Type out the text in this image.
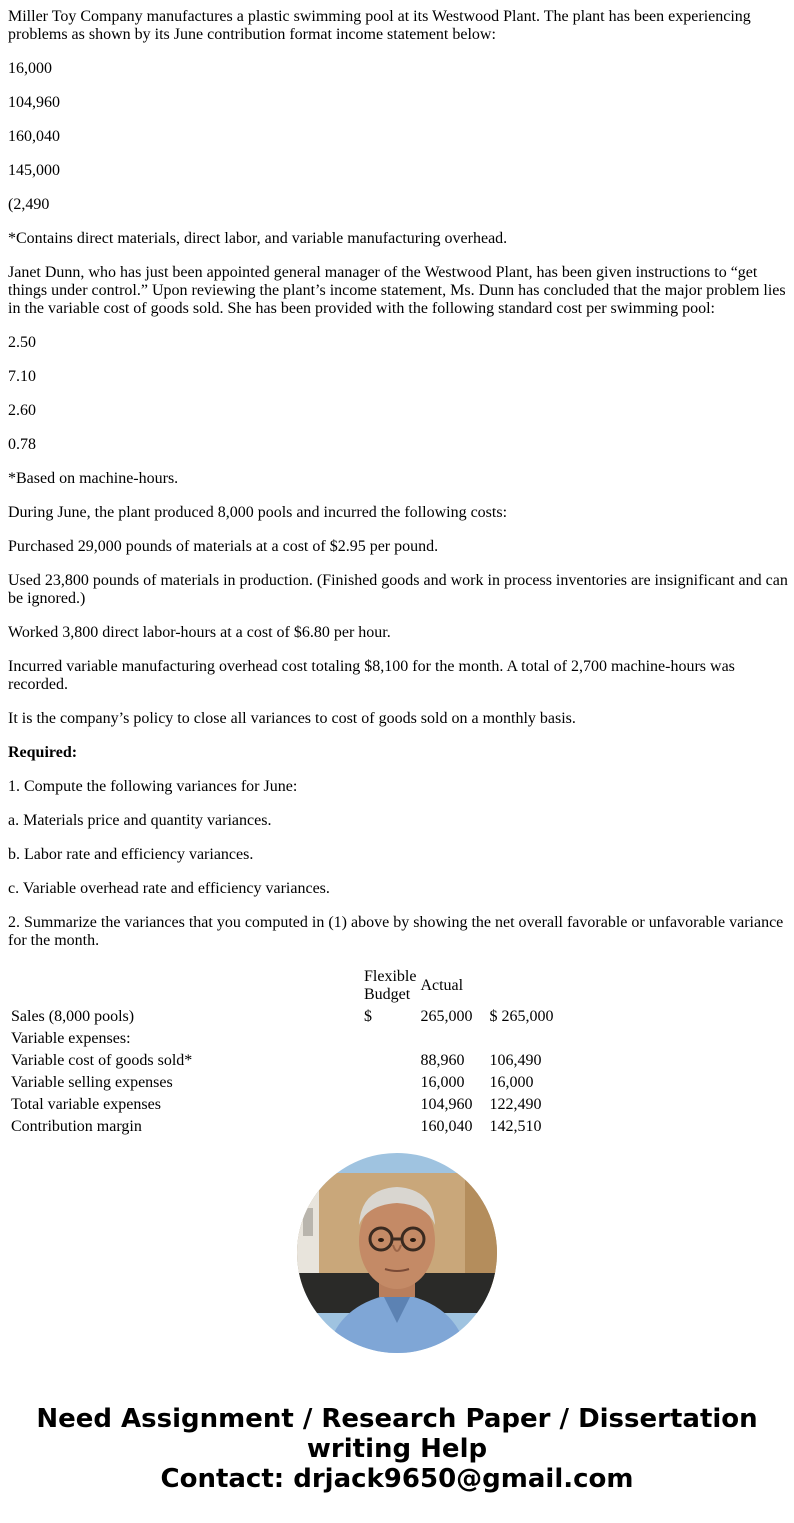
Miller Toy Company manufactures a plastic swimming pool at its Westwood Plant. The plant has been experiencing problems as shown by its June contribution format income statement below:

16,000

104,960

160,040

145,000

(2,490

*Contains direct materials, direct labor, and variable manufacturing overhead.

Janet Dunn, who has just been appointed general manager of the Westwood Plant, has been given instructions to “get things under control.” Upon reviewing the plant’s income statement, Ms. Dunn has concluded that the major problem lies in the variable cost of goods sold. She has been provided with the following standard cost per swimming pool:

2.50

7.10

2.60

0.78

*Based on machine-hours.

During June, the plant produced 8,000 pools and incurred the following costs:

Purchased 29,000 pounds of materials at a cost of $2.95 per pound.

Used 23,800 pounds of materials in production. (Finished goods and work in process inventories are insignificant and can be ignored.)

Worked 3,800 direct labor-hours at a cost of $6.80 per hour.

Incurred variable manufacturing overhead cost totaling $8,100 for the month. A total of 2,700 machine-hours was recorded.

It is the company’s policy to close all variances to cost of goods sold on a monthly basis.

Required:

1. Compute the following variances for June:

a. Materials price and quantity variances.

b. Labor rate and efficiency variances.

c. Variable overhead rate and efficiency variances.

2. Summarize the variances that you computed in (1) above by showing the net overall favorable or unfavorable variance for the month.

	Flexible
Budget	Actual	
Sales (8,000 pools)	$	265,000	$ 265,000
Variable expenses:			
Variable cost of goods sold*		88,960	106,490
Variable selling expenses		16,000	16,000
Total variable expenses		104,960	122,490
Contribution margin		160,040	142,510
Need Assignment / Research Paper / Dissertation
writing Help
Contact: drjack9650@gmail.com
